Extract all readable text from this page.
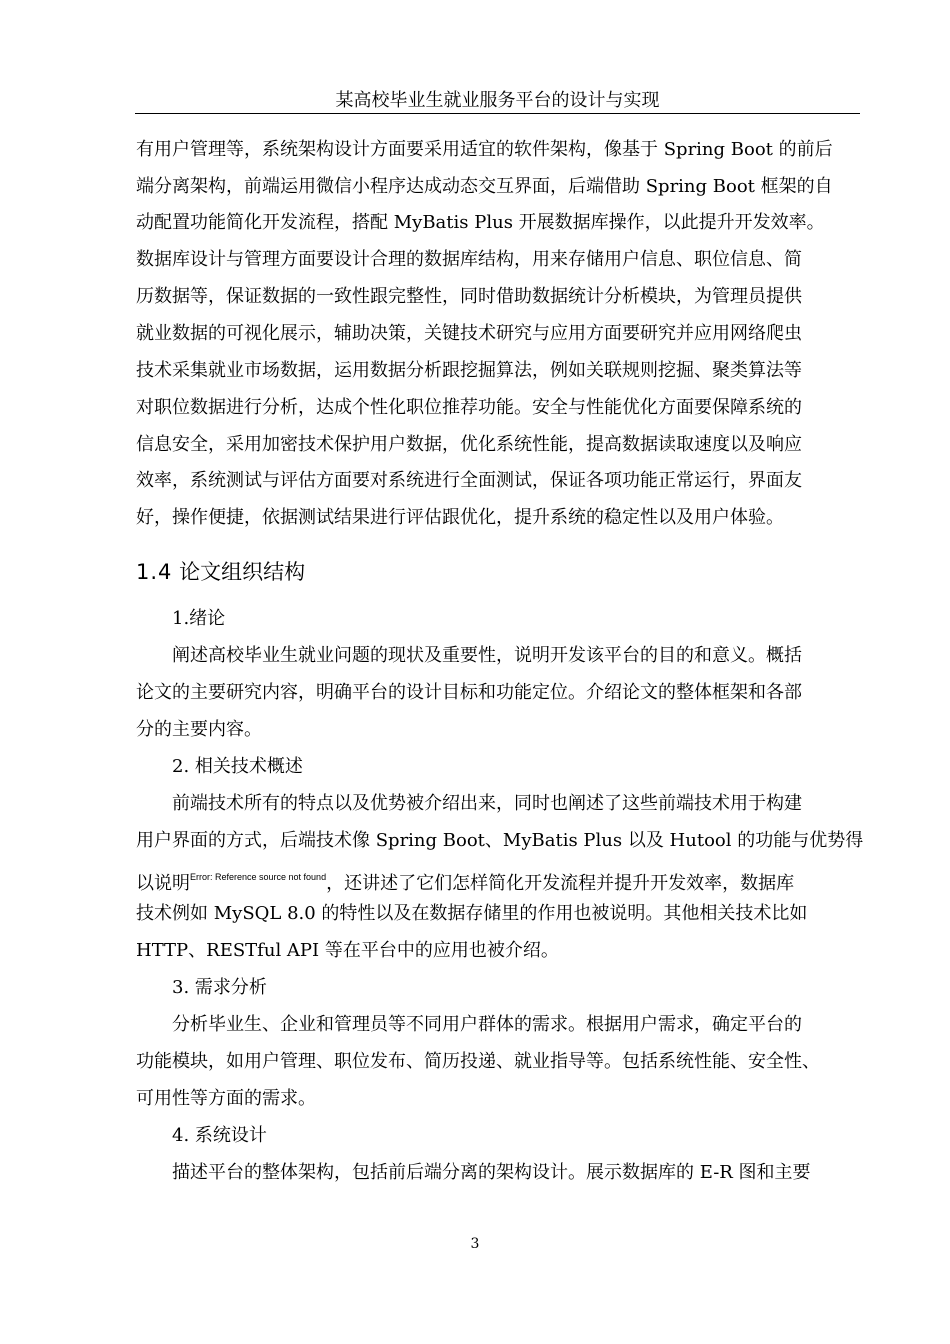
某高校毕业生就业服务平台的设计与实现
有用户管理等，系统架构设计方面要采用适宜的软件架构，像基于 Spring Boot 的前后
端分离架构，前端运用微信小程序达成动态交互界面，后端借助 Spring Boot 框架的自
动配置功能简化开发流程，搭配 MyBatis Plus 开展数据库操作，以此提升开发效率。
数据库设计与管理方面要设计合理的数据库结构，用来存储用户信息、职位信息、简
历数据等，保证数据的一致性跟完整性，同时借助数据统计分析模块，为管理员提供
就业数据的可视化展示，辅助决策，关键技术研究与应用方面要研究并应用网络爬虫
技术采集就业市场数据，运用数据分析跟挖掘算法，例如关联规则挖掘、聚类算法等
对职位数据进行分析，达成个性化职位推荐功能。安全与性能优化方面要保障系统的
信息安全，采用加密技术保护用户数据，优化系统性能，提高数据读取速度以及响应
效率，系统测试与评估方面要对系统进行全面测试，保证各项功能正常运行，界面友
好，操作便捷，依据测试结果进行评估跟优化，提升系统的稳定性以及用户体验。
1.4 论文组织结构
1.绪论
阐述高校毕业生就业问题的现状及重要性，说明开发该平台的目的和意义。概括
论文的主要研究内容，明确平台的设计目标和功能定位。介绍论文的整体框架和各部
分的主要内容。
2. 相关技术概述
前端技术所有的特点以及优势被介绍出来，同时也阐述了这些前端技术用于构建
用户界面的方式，后端技术像 Spring Boot、MyBatis Plus 以及 Hutool 的功能与优势得
以说明$^{Error: Reference source not found}$，还讲述了它们怎样简化开发流程并提升开发效率，数据库
技术例如 MySQL 8.0 的特性以及在数据存储里的作用也被说明。其他相关技术比如
HTTP、RESTful API 等在平台中的应用也被介绍。
3. 需求分析
分析毕业生、企业和管理员等不同用户群体的需求。根据用户需求，确定平台的
功能模块，如用户管理、职位发布、简历投递、就业指导等。包括系统性能、安全性、
可用性等方面的需求。
4. 系统设计
描述平台的整体架构，包括前后端分离的架构设计。展示数据库的 E-R 图和主要
3
